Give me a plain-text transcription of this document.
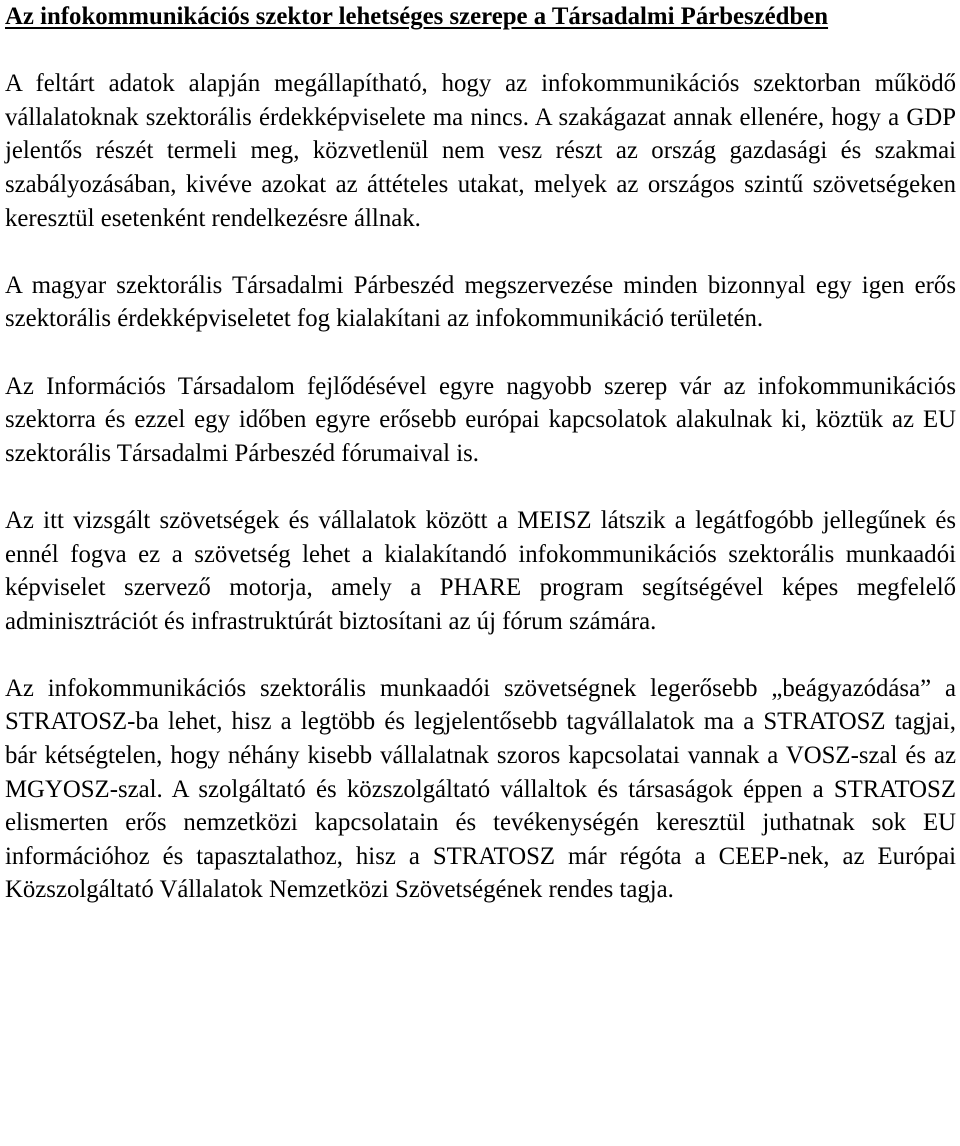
Az infokommunikációs szektor lehetséges szerepe a Társadalmi Párbeszédben

A feltárt adatok alapján megállapítható, hogy az infokommunikációs szektorban működő vállalatoknak szektorális érdekképviselete ma nincs. A szakágazat annak ellenére, hogy a GDP jelentős részét termeli meg, közvetlenül nem vesz részt az ország gazdasági és szakmai szabályozásában, kivéve azokat az áttételes utakat, melyek az országos szintű szövetségeken keresztül esetenként rendelkezésre állnak.

A magyar szektorális Társadalmi Párbeszéd megszervezése minden bizonnyal egy igen erős szektorális érdekképviseletet fog kialakítani az infokommunikáció területén.

Az Információs Társadalom fejlődésével egyre nagyobb szerep vár az infokommunikációs szektorra és ezzel egy időben egyre erősebb európai kapcsolatok alakulnak ki, köztük az EU szektorális Társadalmi Párbeszéd fórumaival is.

Az itt vizsgált szövetségek és vállalatok között a MEISZ látszik a legátfogóbb jellegűnek és ennél fogva ez a szövetség lehet a kialakítandó infokommunikációs szektorális munkaadói képviselet szervező motorja, amely a PHARE program segítségével képes megfelelő adminisztrációt és infrastruktúrát biztosítani az új fórum számára.

Az infokommunikációs szektorális munkaadói szövetségnek legerősebb „beágyazódása” a STRATOSZ-ba lehet, hisz a legtöbb és legjelentősebb tagvállalatok ma a STRATOSZ tagjai, bár kétségtelen, hogy néhány kisebb vállalatnak szoros kapcsolatai vannak a VOSZ-szal és az MGYOSZ-szal. A szolgáltató és közszolgáltató vállaltok és társaságok éppen a STRATOSZ elismerten erős nemzetközi kapcsolatain és tevékenységén keresztül juthatnak sok EU információhoz és tapasztalathoz, hisz a STRATOSZ már régóta a CEEP-nek, az Európai Közszolgáltató Vállalatok Nemzetközi Szövetségének rendes tagja.
